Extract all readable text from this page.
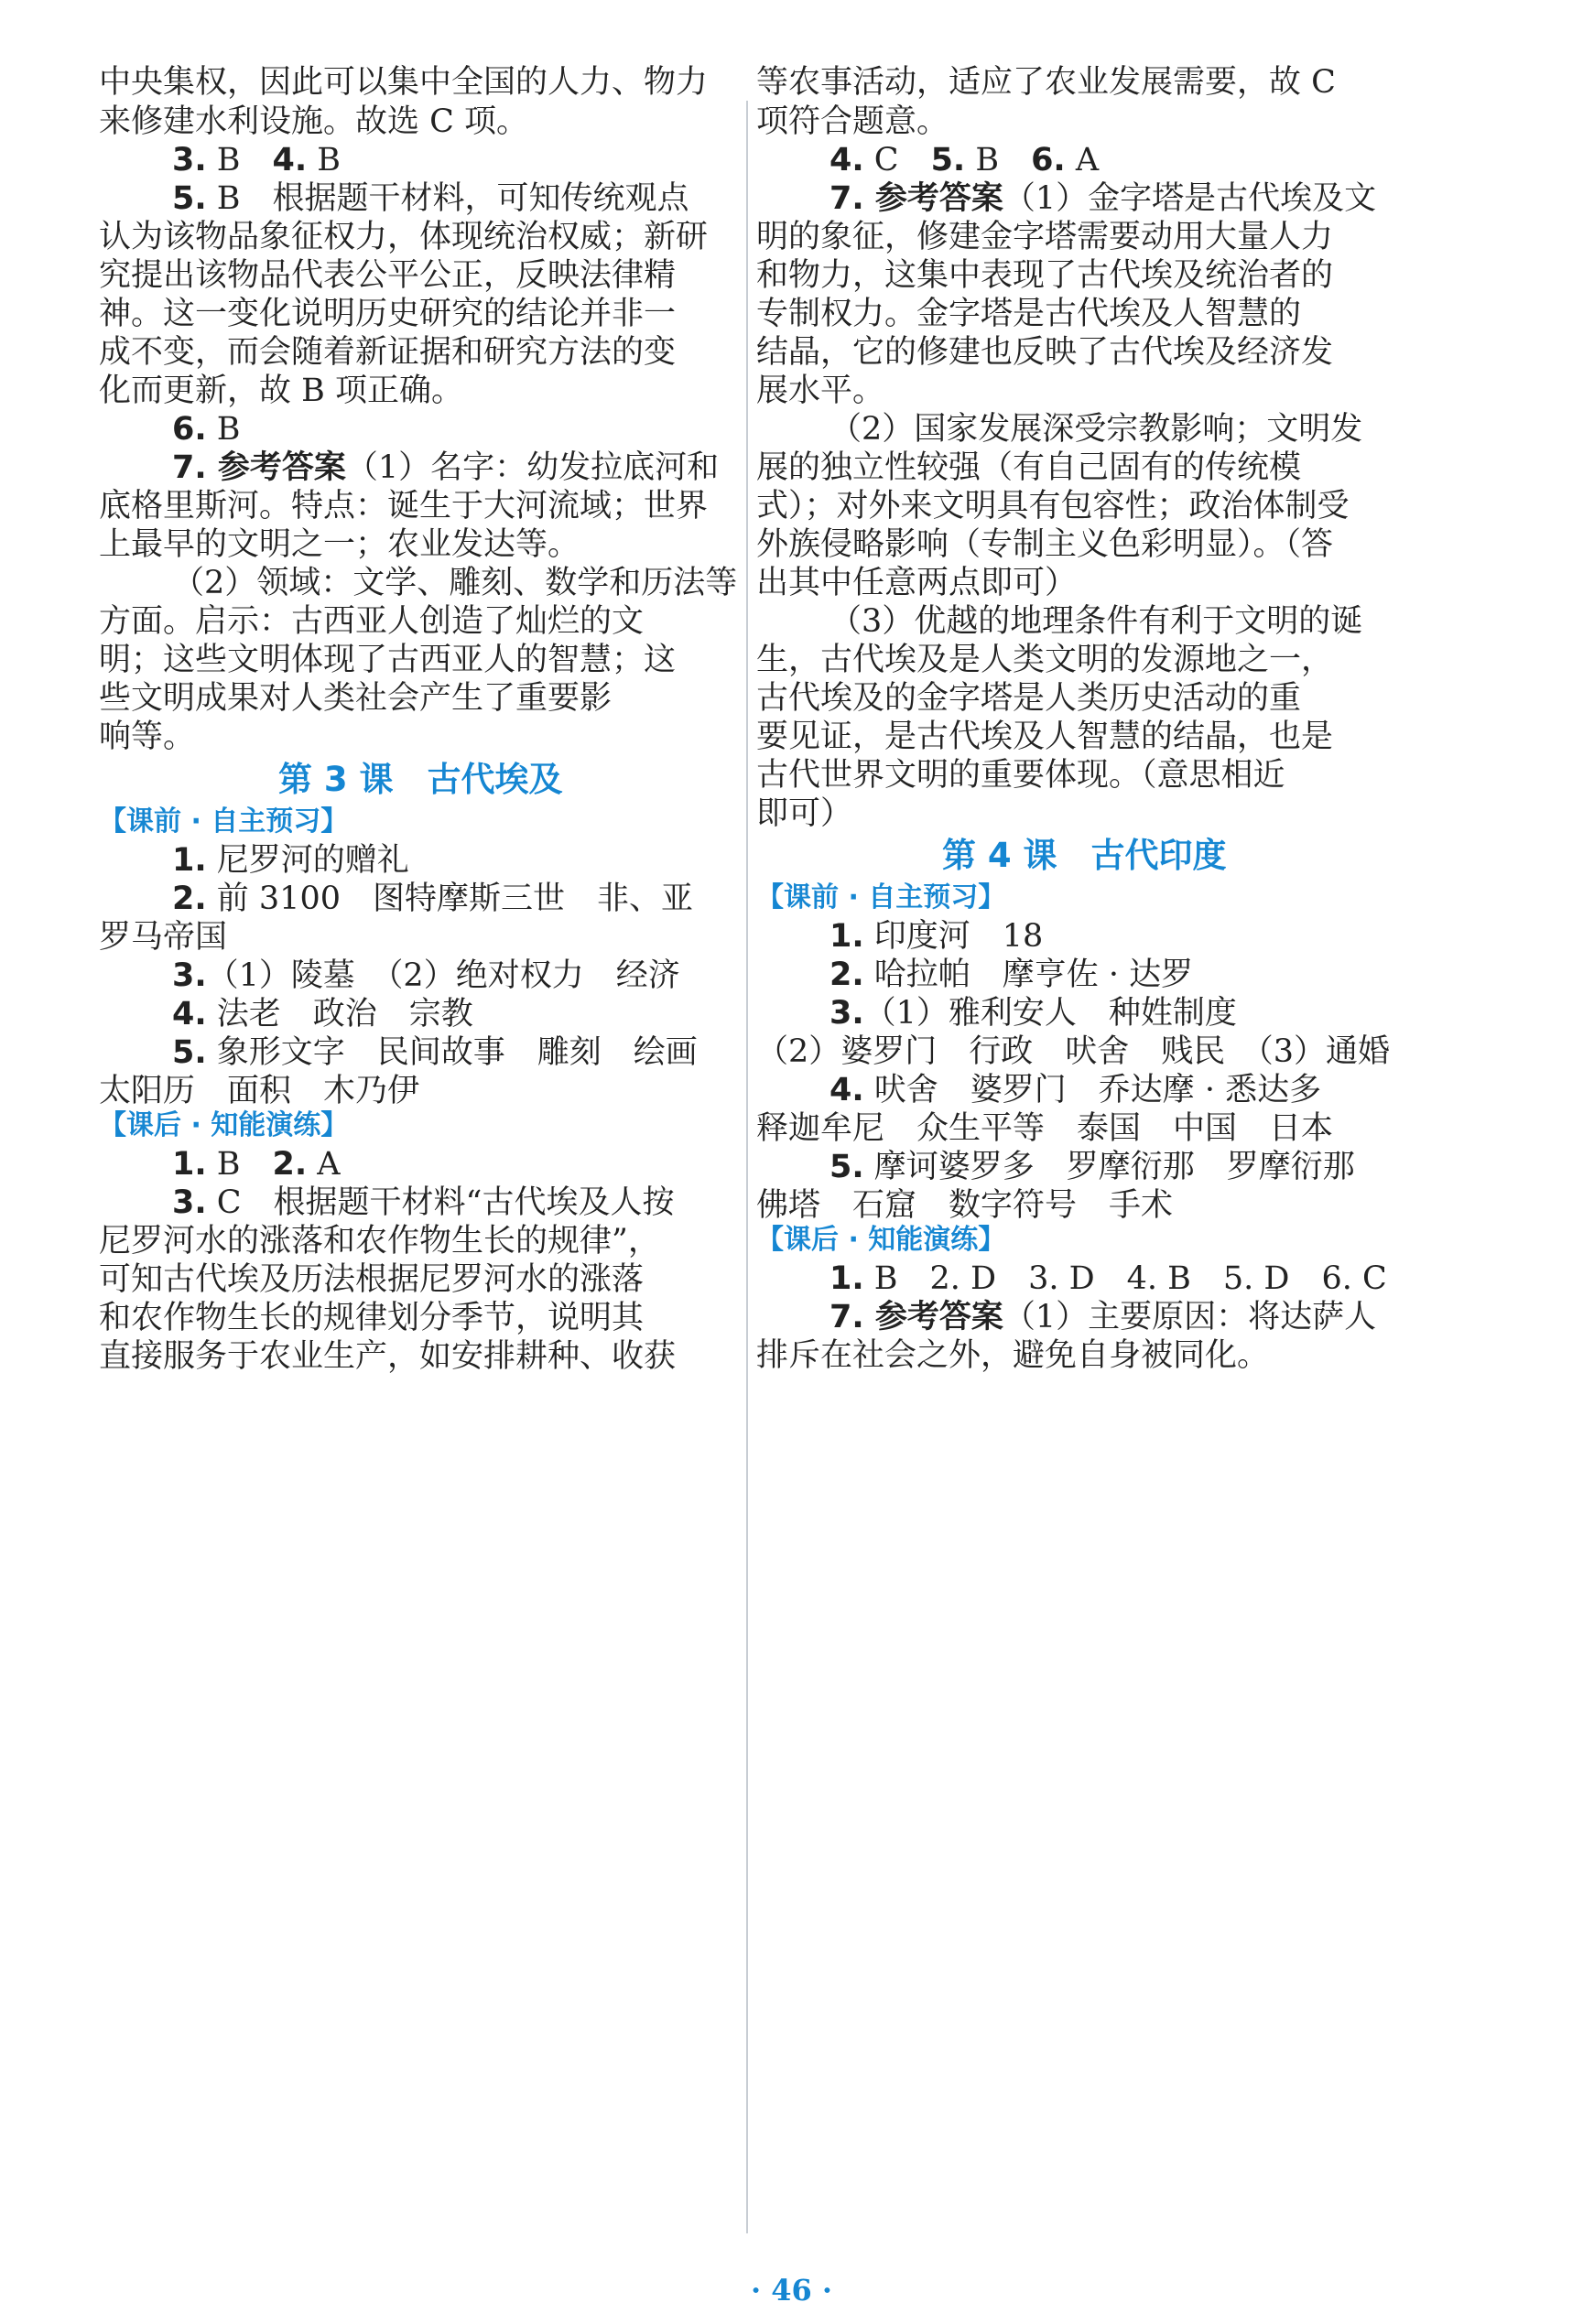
中央集权，因此可以集中全国的人力、物力
来修建水利设施。故选 C 项。
3. B　4. B
5. B　根据题干材料，可知传统观点
认为该物品象征权力，体现统治权威；新研
究提出该物品代表公平公正，反映法律精
神。这一变化说明历史研究的结论并非一
成不变，而会随着新证据和研究方法的变
化而更新，故 B 项正确。
6. B
7. 参考答案（1）名字：幼发拉底河和
底格里斯河。特点：诞生于大河流域；世界
上最早的文明之一；农业发达等。
（2）领域：文学、雕刻、数学和历法等
方面。启示：古西亚人创造了灿烂的文
明；这些文明体现了古西亚人的智慧；这
些文明成果对人类社会产生了重要影
响等。
第 3 课　古代埃及
【课前 · 自主预习】
1. 尼罗河的赠礼
2. 前 3100　图特摩斯三世　非、亚
罗马帝国
3.（1）陵墓　（2）绝对权力　经济
4. 法老　政治　宗教
5. 象形文字　民间故事　雕刻　绘画
太阳历　面积　木乃伊
【课后 · 知能演练】
1. B　2. A
3. C　根据题干材料“古代埃及人按
尼罗河水的涨落和农作物生长的规律”，
可知古代埃及历法根据尼罗河水的涨落
和农作物生长的规律划分季节，说明其
直接服务于农业生产，如安排耕种、收获
等农事活动，适应了农业发展需要，故 C
项符合题意。
4. C　5. B　6. A
7. 参考答案（1）金字塔是古代埃及文
明的象征，修建金字塔需要动用大量人力
和物力，这集中表现了古代埃及统治者的
专制权力。金字塔是古代埃及人智慧的
结晶，它的修建也反映了古代埃及经济发
展水平。
（2）国家发展深受宗教影响；文明发
展的独立性较强（有自己固有的传统模
式）；对外来文明具有包容性；政治体制受
外族侵略影响（专制主义色彩明显）。（答
出其中任意两点即可）
（3）优越的地理条件有利于文明的诞
生，古代埃及是人类文明的发源地之一，
古代埃及的金字塔是人类历史活动的重
要见证，是古代埃及人智慧的结晶，也是
古代世界文明的重要体现。（意思相近
即可）
第 4 课　古代印度
【课前 · 自主预习】
1. 印度河　18
2. 哈拉帕　摩亨佐 · 达罗
3.（1）雅利安人　种姓制度
（2）婆罗门　行政　吠舍　贱民　（3）通婚
4. 吠舍　婆罗门　乔达摩 · 悉达多
释迦牟尼　众生平等　泰国　中国　日本
5. 摩诃婆罗多　罗摩衍那　罗摩衍那
佛塔　石窟　数字符号　手术
【课后 · 知能演练】
1. B　2. D　3. D　4. B　5. D　6. C
7. 参考答案（1）主要原因：将达萨人
排斥在社会之外，避免自身被同化。
· 46 ·
